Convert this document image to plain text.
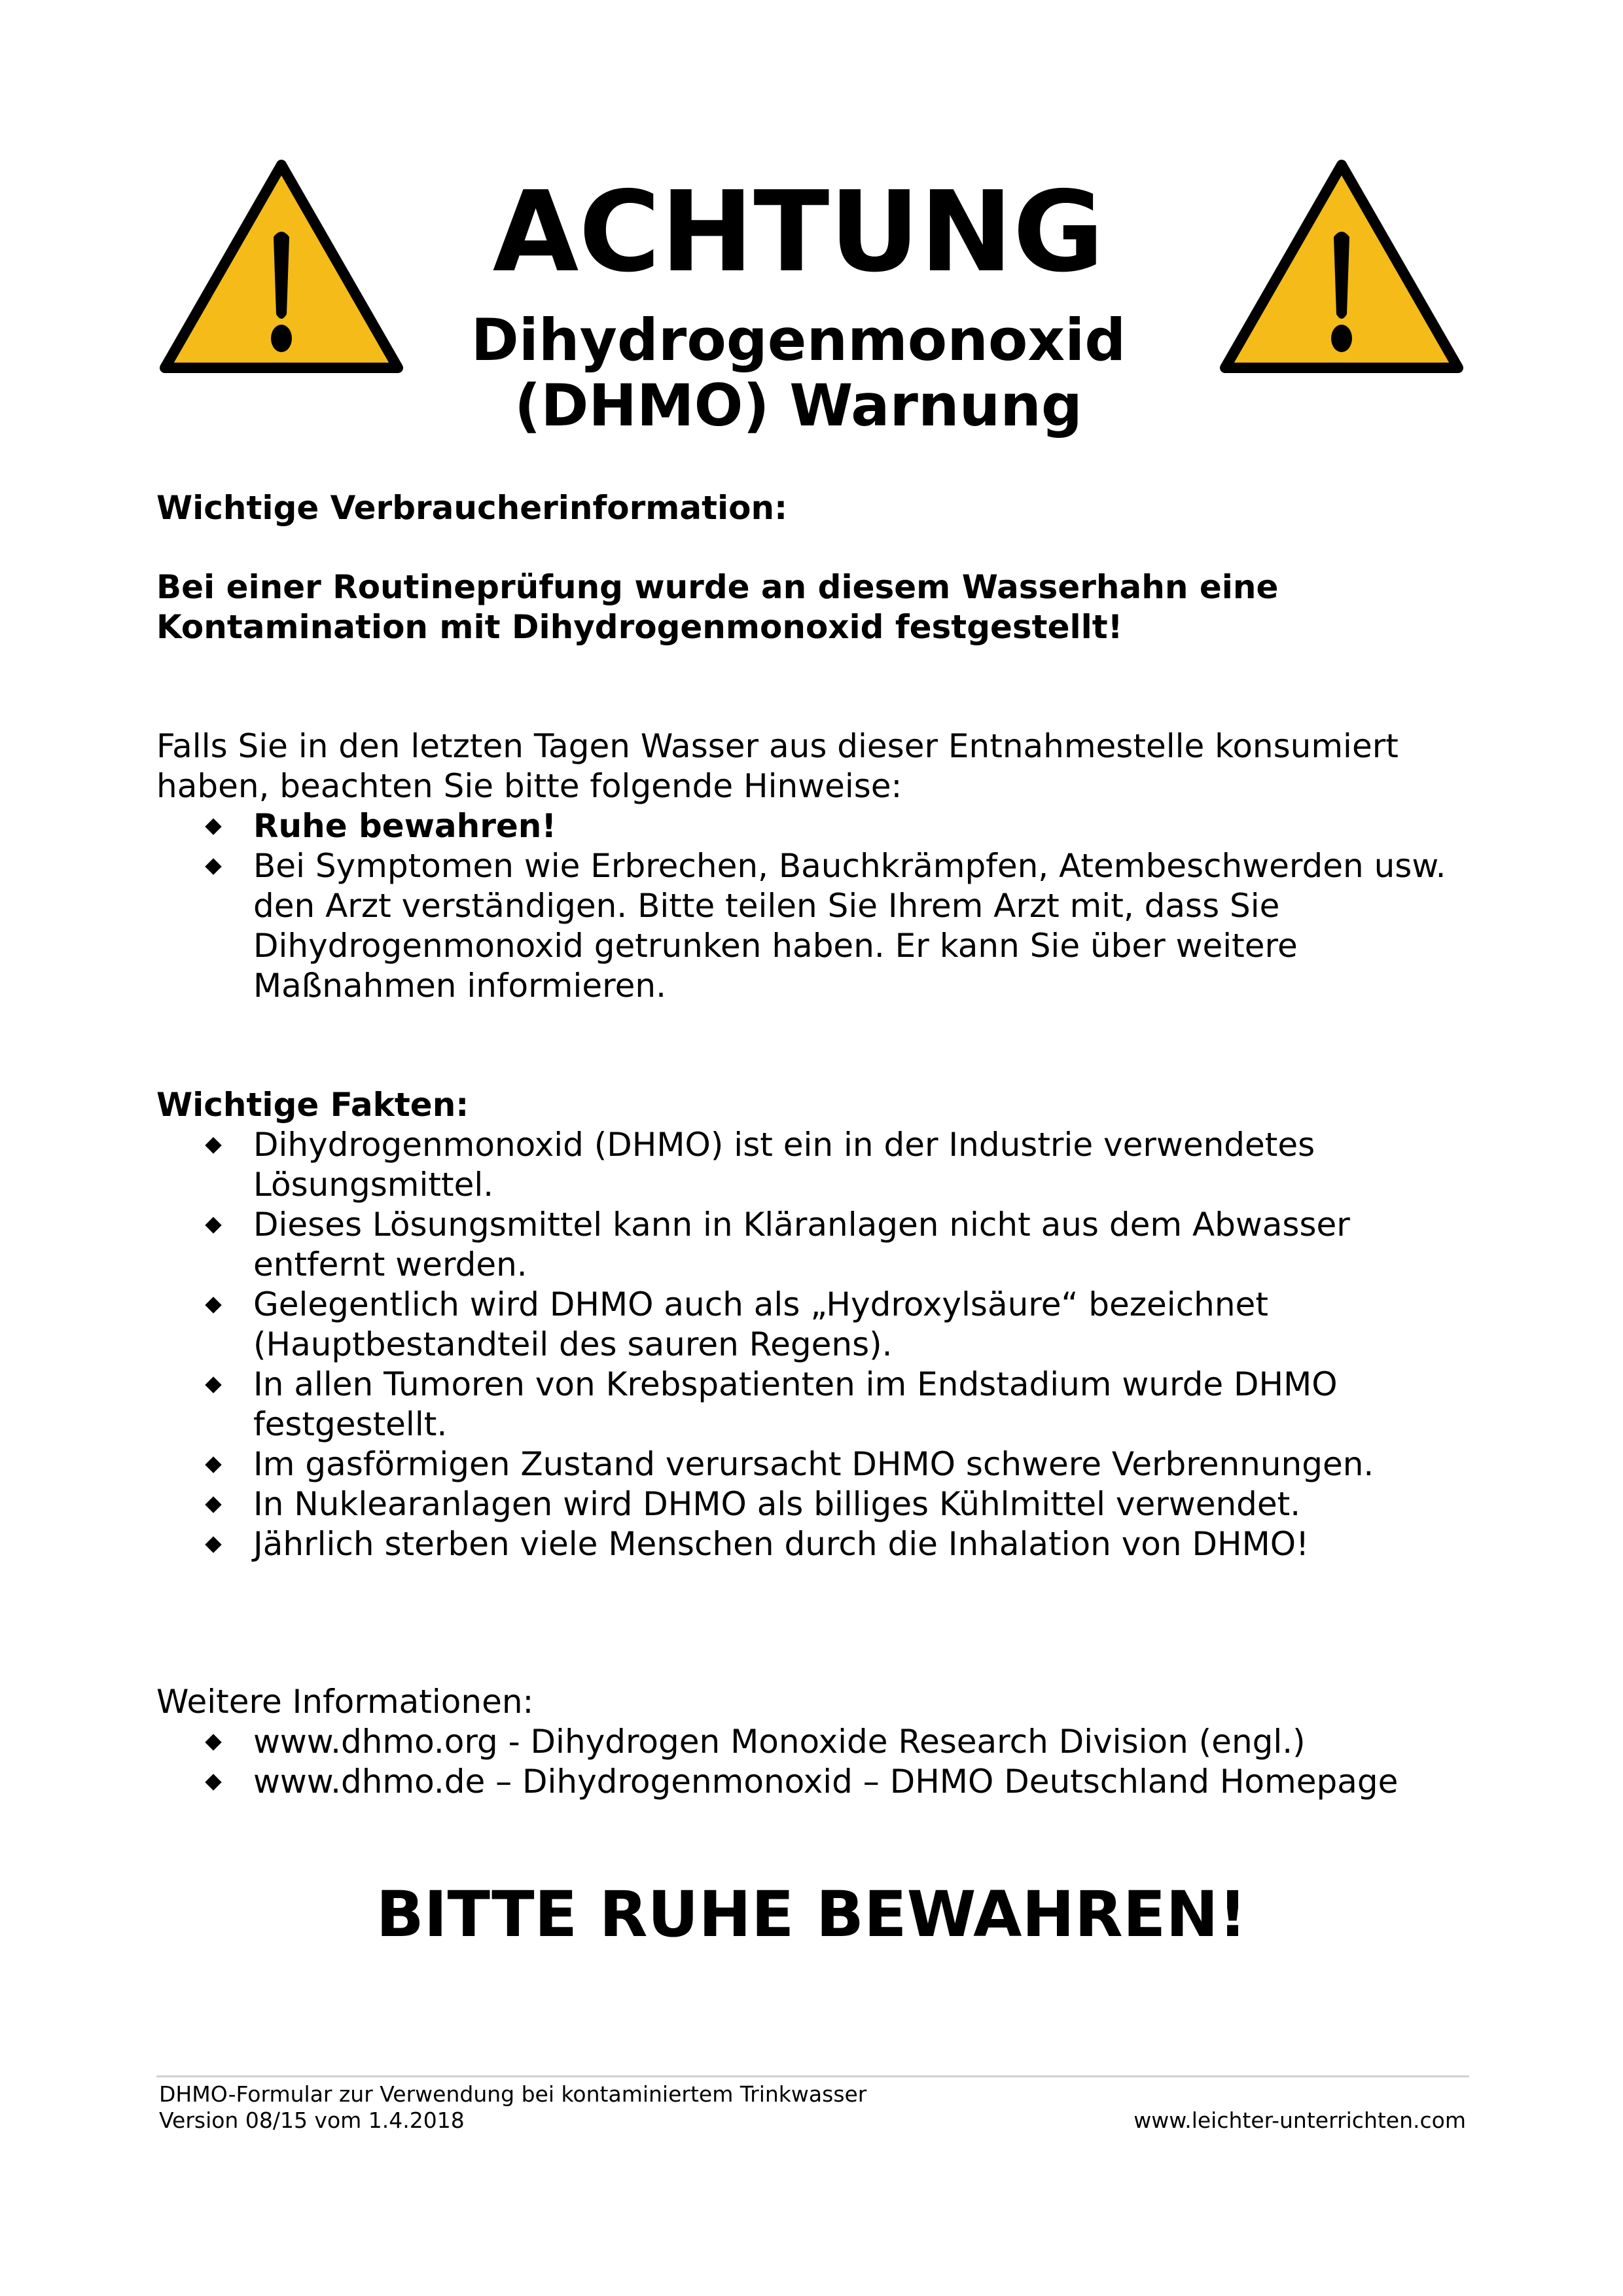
ACHTUNG
Dihydrogenmonoxid
(DHMO) Warnung
Wichtige Verbraucherinformation:
Bei einer Routineprüfung wurde an diesem Wasserhahn eine Kontamination mit Dihydrogenmonoxid festgestellt!
Falls Sie in den letzten Tagen Wasser aus dieser Entnahmestelle konsumiert haben, beachten Sie bitte folgende Hinweise:
Ruhe bewahren!
Bei Symptomen wie Erbrechen, Bauchkrämpfen, Atembeschwerden usw. den Arzt verständigen. Bitte teilen Sie Ihrem Arzt mit, dass Sie Dihydrogenmonoxid getrunken haben. Er kann Sie über weitere Maßnahmen informieren.
Wichtige Fakten:
Dihydrogenmonoxid (DHMO) ist ein in der Industrie verwendetes Lösungsmittel.
Dieses Lösungsmittel kann in Kläranlagen nicht aus dem Abwasser entfernt werden.
Gelegentlich wird DHMO auch als „Hydroxylsäure“ bezeichnet (Hauptbestandteil des sauren Regens).
In allen Tumoren von Krebspatienten im Endstadium wurde DHMO festgestellt.
Im gasförmigen Zustand verursacht DHMO schwere Verbrennungen.
In Nuklearanlagen wird DHMO als billiges Kühlmittel verwendet.
Jährlich sterben viele Menschen durch die Inhalation von DHMO!
Weitere Informationen:
www.dhmo.org - Dihydrogen Monoxide Research Division (engl.)
www.dhmo.de – Dihydrogenmonoxid – DHMO Deutschland Homepage
BITTE RUHE BEWAHREN!
DHMO-Formular zur Verwendung bei kontaminiertem Trinkwasser
Version 08/15 vom 1.4.2018	www.leichter-unterrichten.com
